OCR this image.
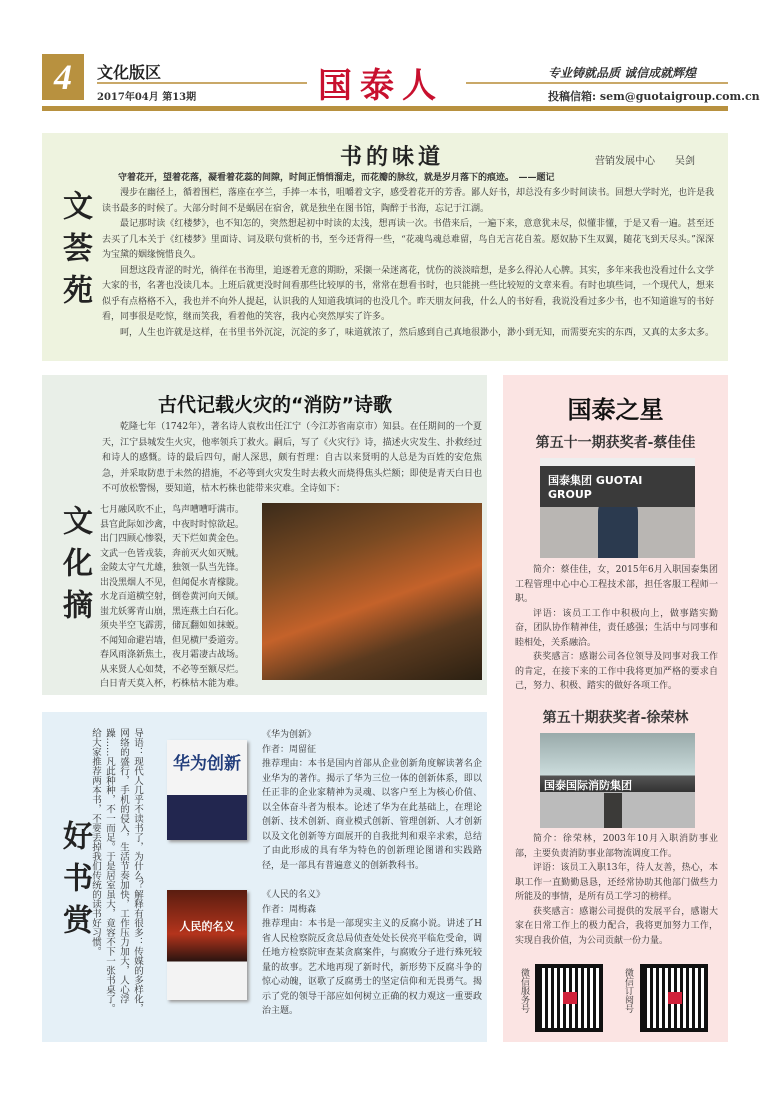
4	文化版区
2017年04月 第13期	国泰人	专业铸就品质 诚信成就辉煌
投稿信箱: sem@guotaigroup.com.cn
文荟苑
书的味道	营销发展中心　　吴剑
守着花开，望着花落，凝看着花蕊的间隙，时间正悄悄溜走，而花瓣的脉纹，就是岁月落下的痕迹。　——题记

漫步在幽径上，循着围栏，落座在亭兰，手捧一本书，咀嚼着文字，感受着花开的芳香。鄙人好书，却总没有多少时间读书。回想大学时光，也许是我读书最多的时候了。大部分时间不是蜗居在宿舍，就是独坐在图书馆，陶醉于书海，忘记于江湖。

最记那时读《红楼梦》，也不知怎的，突然想起初中时读的太浅，想再读一次。书借来后，一遍下来，意意犹未尽，似懂非懂，于是又看一遍。甚至还去买了几本关于《红楼梦》里面诗、词及联句赏析的书，至今还背得一些，“花魂鸟魂总难留，鸟自无言花自羞。愿奴胁下生双翼，随花飞到天尽头。”深深为宝黛的姻缘惋惜良久。

回想这段青涩的时光，徜徉在书海里，追逐着无意的期盼，采撷一朵迷离花，忧伤的淡淡暗想，是多么得沁人心脾。其实，多年来我也没看过什么文学大家的书，名著也没读几本。上班后就更没时间看那些比较厚的书，常常在想看书时，也只能挑一些比较短的文章来看。有时也填些词，一个现代人，想来似乎有点格格不入，我也并不向外人提起，认识我的人知道我填词的也没几个。昨天朋友问我，什么人的书好看，我说没看过多少书，也不知道谁写的书好看，同事很是吃惊，继而笑我，看着他的笑容，我内心突然厚实了许多。

呵，人生也许就是这样，在书里书外沉淀，沉淀的多了，味道就浓了，然后感到自己真地很渺小，渺小到无知，而需要充实的东西，又真的太多太多。

文化摘
古代记载火灾的“消防”诗歌

乾隆七年（1742年），著名诗人袁枚出任江宁（今江苏省南京市）知县。在任期间的一个夏天，江宁县城发生火灾，他率领兵丁救火。嗣后，写了《火灾行》诗，描述火灾发生、扑救经过和诗人的感慨。诗的最后四句，耐人深思，颇有哲理：自古以来贤明的人总是为百姓的安危焦急，并采取防患于未然的措施，不必等到火灾发生时去救火而烧得焦头烂额；即使是青天白日也不可放松警惕，要知道，枯木朽株也能带来灾难。全诗如下：

七月融风吹不止，鸟声嘈嘈吁满市。
县官此际如沙禽，中夜时时惊欲起。
出门四顾心惨裂，天下烂如黄金色。
文武一色皆戎装，奔前灭火如灭贼。
金陵太守气尤雄，独领一队当先锋。
出没黑烟人不见，但闻促水青檬陇。
水龙百道横空射，倒卷黄河向天倾。
蚩尤妖雾青山崩，黑连燕土白石化。
须央半空飞霹雳，储瓦翻如如抹蜕。
不闻知命避岩墙，但见横尸委道旁。
春风雨涤新焦土，夜月霜凄古战场。
从来贤人心如焚，不必等至额尽烂。
白日青天莫入杯，朽株枯木能为难。
好书赏	导语：现代人几乎不读书了，为什么？解释有很多：传媒的多样化，网络的盛行，手机的侵入，生活节奏加快，工作压力加大，人心浮躁……凡此种种，不一而足。于是居室虽大，竟容不下一张书桌了。给大家推荐两本书，不要丢掉我们传统的读书好习惯。	华为创新
人民的名义
《华为创新》
作者：周留征
推荐理由：本书是国内首部从企业创新角度解读著名企业华为的著作。揭示了华为三位一体的创新体系，即以任正非的企业家精神为灵魂、以客户至上为核心价值、以全体奋斗者为根本。论述了华为在此基础上，在理论创新、技术创新、商业模式创新、管理创新、人才创新以及文化创新等方面展开的自我批判和艰辛求索，总结了由此形成的具有华为特色的创新理论图谱和实践路径，是一部具有普遍意义的创新教科书。
《人民的名义》
作者：周梅森
推荐理由：本书是一部现实主义的反腐小说。讲述了H省人民检察院反贪总局侦查处处长侯亮平临危受命，调任地方检察院审查某贪腐案件，与腐败分子进行殊死较量的故事。艺术地再现了新时代，新形势下反腐斗争的惊心动魄，讴歌了反腐勇士的坚定信仰和无畏勇气。揭示了党的领导干部应如何树立正确的权力观这一重要政治主题。
国泰之星
第五十一期获奖者-蔡佳佳
国泰集团 GUOTAI GROUP

简介：蔡佳佳，女，2015年6月入职国泰集团工程管理中心中心工程技术部，担任客服工程师一职。

评语：该员工工作中积极向上，做事踏实勤奋，团队协作精神佳，责任感强；生活中与同事和睦相处，关系融洽。

获奖感言：感谢公司各位领导及同事对我工作的肯定，在接下来的工作中我将更加严格的要求自己，努力、积极、踏实的做好各项工作。

第五十期获奖者-徐荣林
国泰国际消防集团

简介：徐荣林，2003年10月入职消防事业部，主要负责消防事业部物流调度工作。

评语：该员工入职13年，待人友善，热心，本职工作一直勤勤恳恳，还经常协助其他部门做些力所能及的事情，是所有员工学习的榜样。

获奖感言：感谢公司提供的发展平台，感谢大家在日常工作上的极力配合，我将更加努力工作，实现自我价值，为公司贡献一份力量。

微信服务号	微信订阅号
